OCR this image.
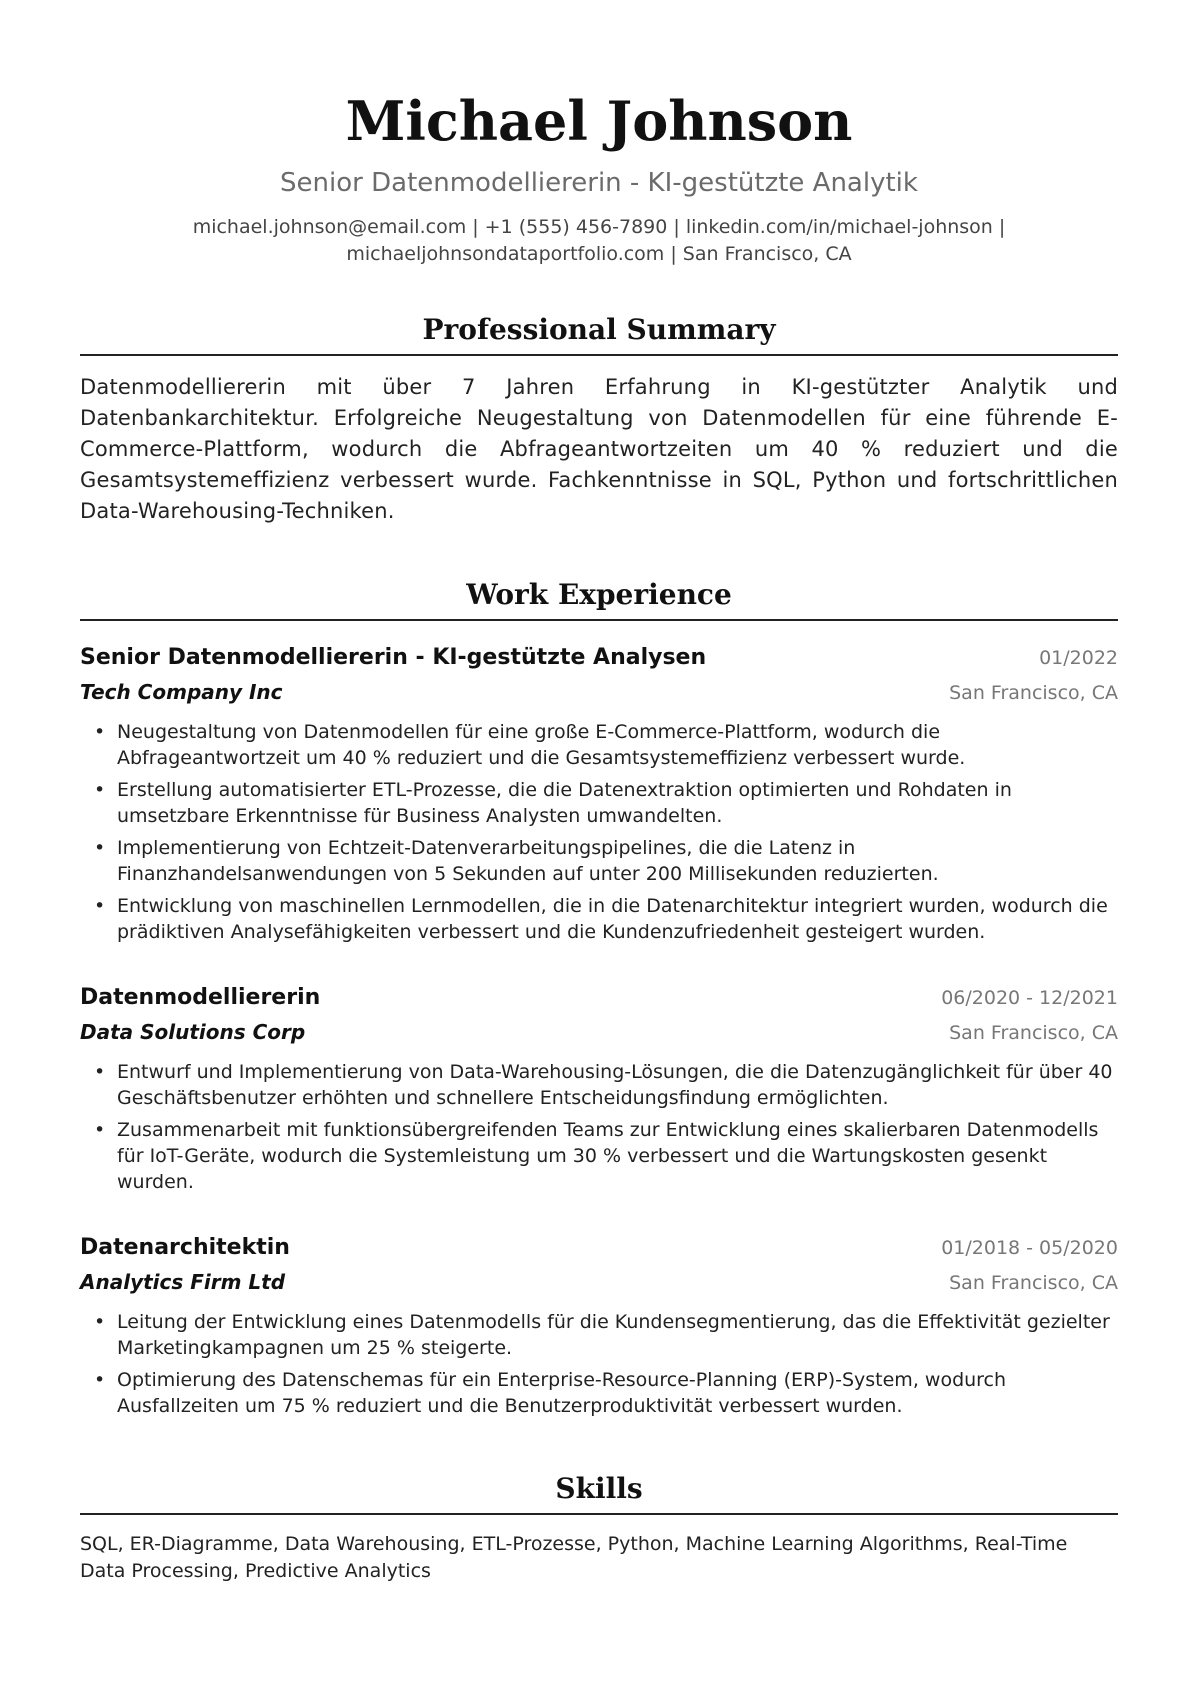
Michael Johnson
Senior Datenmodelliererin - KI-gestützte Analytik
michael.johnson@email.com | +1 (555) 456-7890 | linkedin.com/in/michael-johnson |
michaeljohnsondataportfolio.com | San Francisco, CA
Professional Summary
Datenmodelliererin mit über 7 Jahren Erfahrung in KI-gestützter Analytik und Datenbankarchitektur. Erfolgreiche Neugestaltung von Datenmodellen für eine führende E-Commerce-Plattform, wodurch die Abfrageantwortzeiten um 40 % reduziert und die Gesamtsystemeffizienz verbessert wurde. Fachkenntnisse in SQL, Python und fortschrittlichen Data-Warehousing-Techniken.
Work Experience
Senior Datenmodelliererin - KI-gestützte Analysen	01/2022
Tech Company Inc	San Francisco, CA
• Neugestaltung von Datenmodellen für eine große E-Commerce-Plattform, wodurch die Abfrageantwortzeit um 40 % reduziert und die Gesamtsystemeffizienz verbessert wurde.
• Erstellung automatisierter ETL-Prozesse, die die Datenextraktion optimierten und Rohdaten in umsetzbare Erkenntnisse für Business Analysten umwandelten.
• Implementierung von Echtzeit-Datenverarbeitungspipelines, die die Latenz in Finanzhandelsanwendungen von 5 Sekunden auf unter 200 Millisekunden reduzierten.
• Entwicklung von maschinellen Lernmodellen, die in die Datenarchitektur integriert wurden, wodurch die prädiktiven Analysefähigkeiten verbessert und die Kundenzufriedenheit gesteigert wurden.
Datenmodelliererin	06/2020 - 12/2021
Data Solutions Corp	San Francisco, CA
• Entwurf und Implementierung von Data-Warehousing-Lösungen, die die Datenzugänglichkeit für über 40 Geschäftsbenutzer erhöhten und schnellere Entscheidungsfindung ermöglichten.
• Zusammenarbeit mit funktionsübergreifenden Teams zur Entwicklung eines skalierbaren Datenmodells für IoT-Geräte, wodurch die Systemleistung um 30 % verbessert und die Wartungskosten gesenkt wurden.
Datenarchitektin	01/2018 - 05/2020
Analytics Firm Ltd	San Francisco, CA
• Leitung der Entwicklung eines Datenmodells für die Kundensegmentierung, das die Effektivität gezielter Marketingkampagnen um 25 % steigerte.
• Optimierung des Datenschemas für ein Enterprise-Resource-Planning (ERP)-System, wodurch Ausfallzeiten um 75 % reduziert und die Benutzerproduktivität verbessert wurden.
Skills
SQL, ER-Diagramme, Data Warehousing, ETL-Prozesse, Python, Machine Learning Algorithms, Real-Time Data Processing, Predictive Analytics
